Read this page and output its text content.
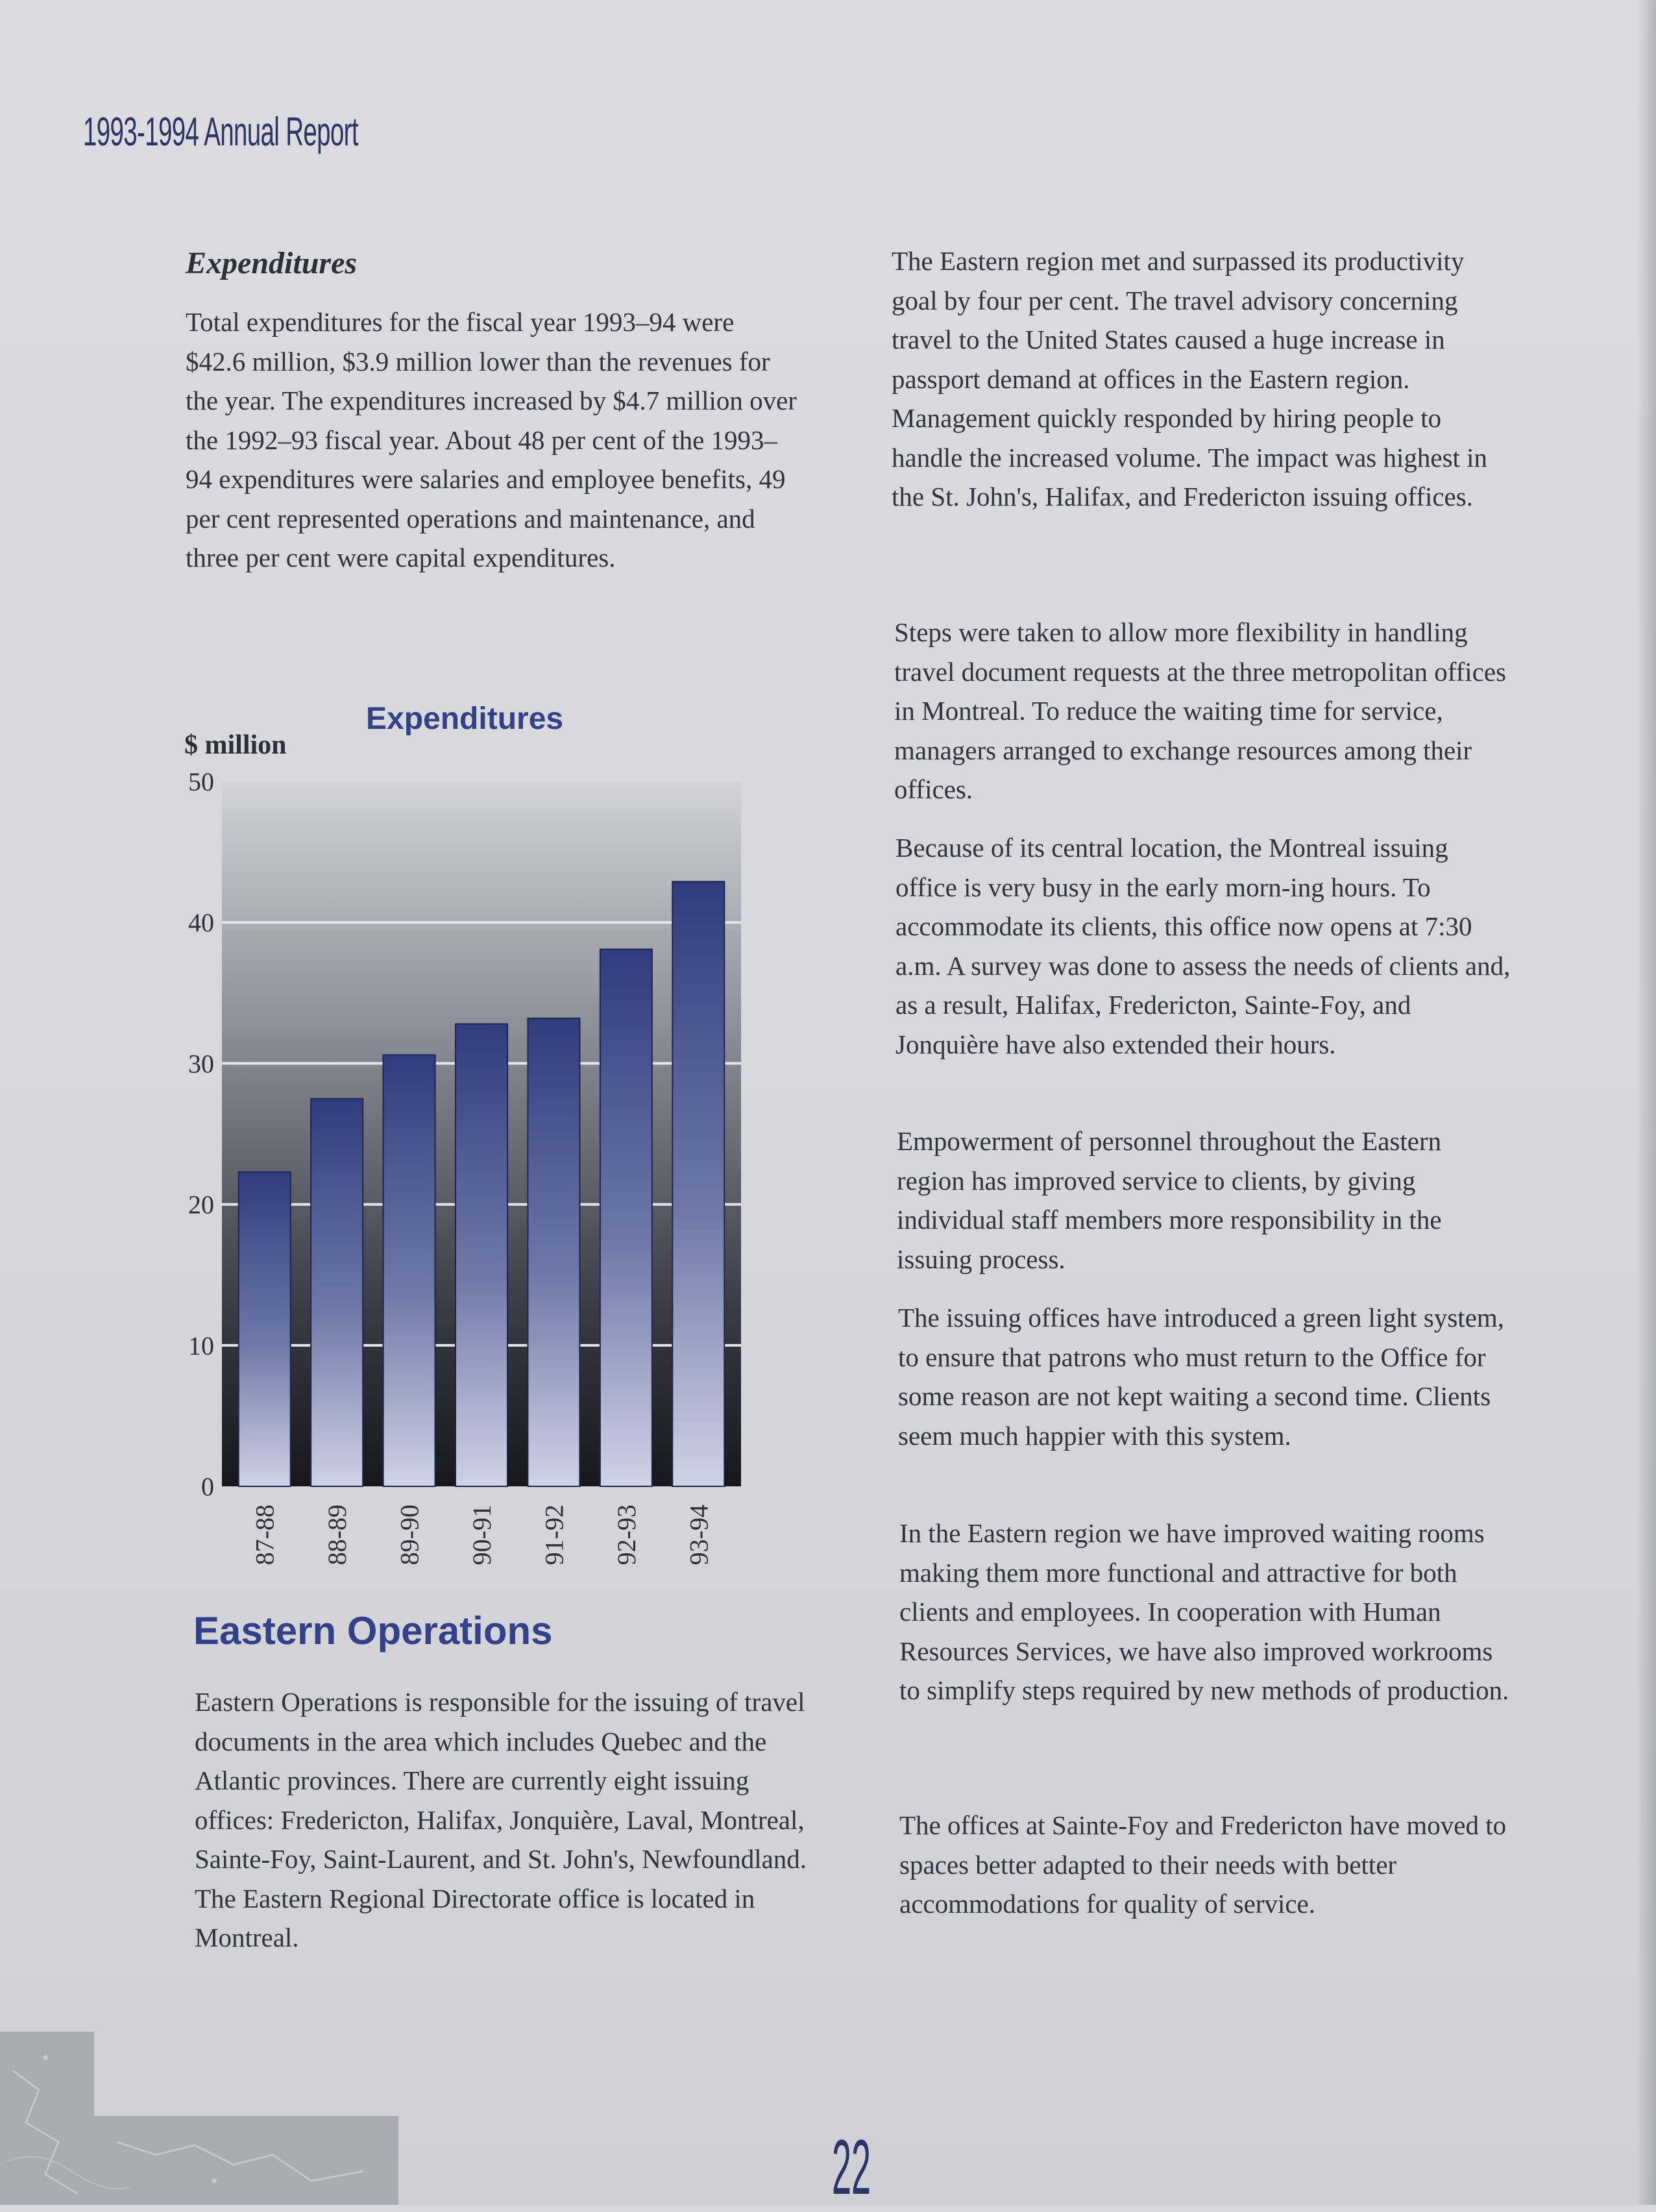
1993-1994 Annual Report
Expenditures

Total expenditures for the fiscal year 1993–94 were $42.6 million, $3.9 million lower than the revenues for the year. The expenditures increased by $4.7 million over the 1992–93 fiscal year. About 48 per cent of the 1993–94 expenditures were salaries and employee benefits, 49 per cent represented operations and maintenance, and three per cent were capital expenditures.

Expenditures
$ million
0
10
20
30
40
50
87-88 88-89 89-90 90-91 91-92 92-93 93-94
Eastern Operations

Eastern Operations is responsible for the issuing of travel documents in the area which includes Quebec and the Atlantic provinces. There are currently eight issuing offices: Fredericton, Halifax, Jonquière, Laval, Montreal, Sainte-Foy, Saint-Laurent, and St. John's, Newfoundland. The Eastern Regional Directorate office is located in Montreal.

The Eastern region met and surpassed its productivity goal by four per cent. The travel advisory concerning travel to the United States caused a huge increase in passport demand at offices in the Eastern region. Management quickly responded by hiring people to handle the increased volume. The impact was highest in the St. John's, Halifax, and Fredericton issuing offices.

Steps were taken to allow more flexibility in handling travel document requests at the three metropolitan offices in Montreal. To reduce the waiting time for service, managers arranged to exchange resources among their offices.

Because of its central location, the Montreal issuing office is very busy in the early morn-ing hours. To accommodate its clients, this office now opens at 7:30 a.m. A survey was done to assess the needs of clients and, as a result, Halifax, Fredericton, Sainte-Foy, and Jonquière have also extended their hours.

Empowerment of personnel throughout the Eastern region has improved service to clients, by giving individual staff members more responsibility in the issuing process.

The issuing offices have introduced a green light system, to ensure that patrons who must return to the Office for some reason are not kept waiting a second time. Clients seem much happier with this system.

In the Eastern region we have improved waiting rooms making them more functional and attractive for both clients and employees. In cooperation with Human Resources Services, we have also improved workrooms to simplify steps required by new methods of production.

The offices at Sainte-Foy and Fredericton have moved to spaces better adapted to their needs with better accommodations for quality of service.

22
